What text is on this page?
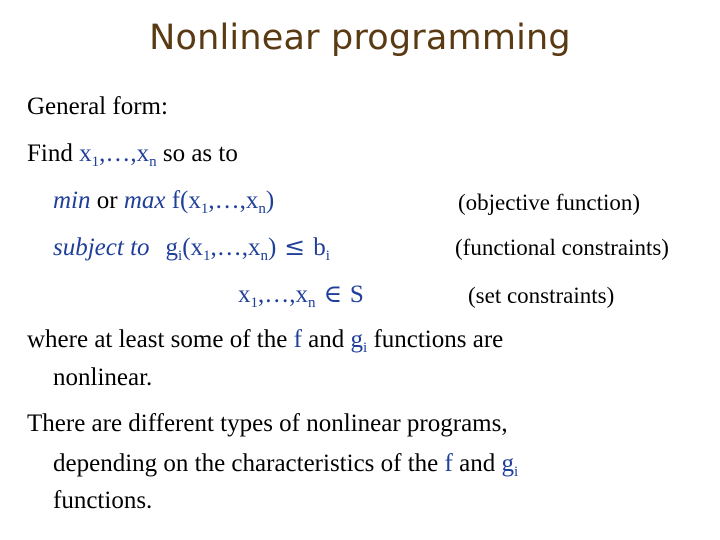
Nonlinear programming
General form:
Find $x_1,\dots,x_n$ so as to
min or $\max f(x_1,\dots,x_n)$	(objective function)
subject to $g_i(x_1,\dots,x_n) \le b_i$	(functional constraints)
$x_1,\dots,x_n$ ∈ S	(set constraints)
where at least some of the f and $g_i$ functions are
nonlinear.
There are different types of nonlinear programs,
depending on the characteristics of the f and $g_i$
functions.
